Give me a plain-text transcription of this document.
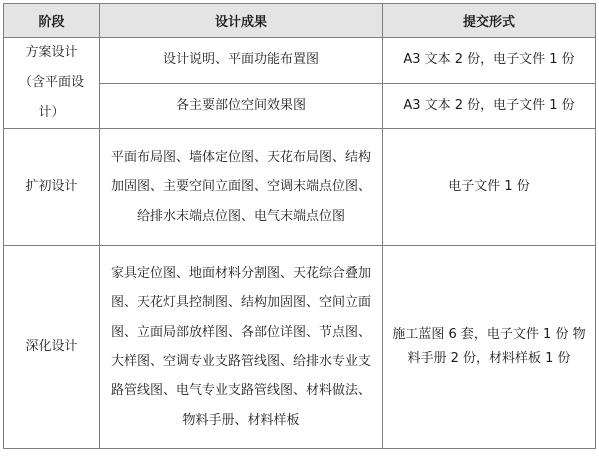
阶段	设计成果	提交形式
方案设计（含平面设计）	设计说明、平面功能布置图	A3 文本 2 份，电子文件 1 份
	各主要部位空间效果图	A3 文本 2 份，电子文件 1 份
扩初设计	平面布局图、墙体定位图、天花布局图、结构加固图、主要空间立面图、空调末端点位图、给排水末端点位图、电气末端点位图	电子文件 1 份
深化设计	家具定位图、地面材料分割图、天花综合叠加图、天花灯具控制图、结构加固图、空间立面图、立面局部放样图、各部位详图、节点图、大样图、空调专业支路管线图、给排水专业支路管线图、电气专业支路管线图、材料做法、物料手册、材料样板	施工蓝图 6 套，电子文件 1 份 物料手册 2 份，材料样板 1 份
